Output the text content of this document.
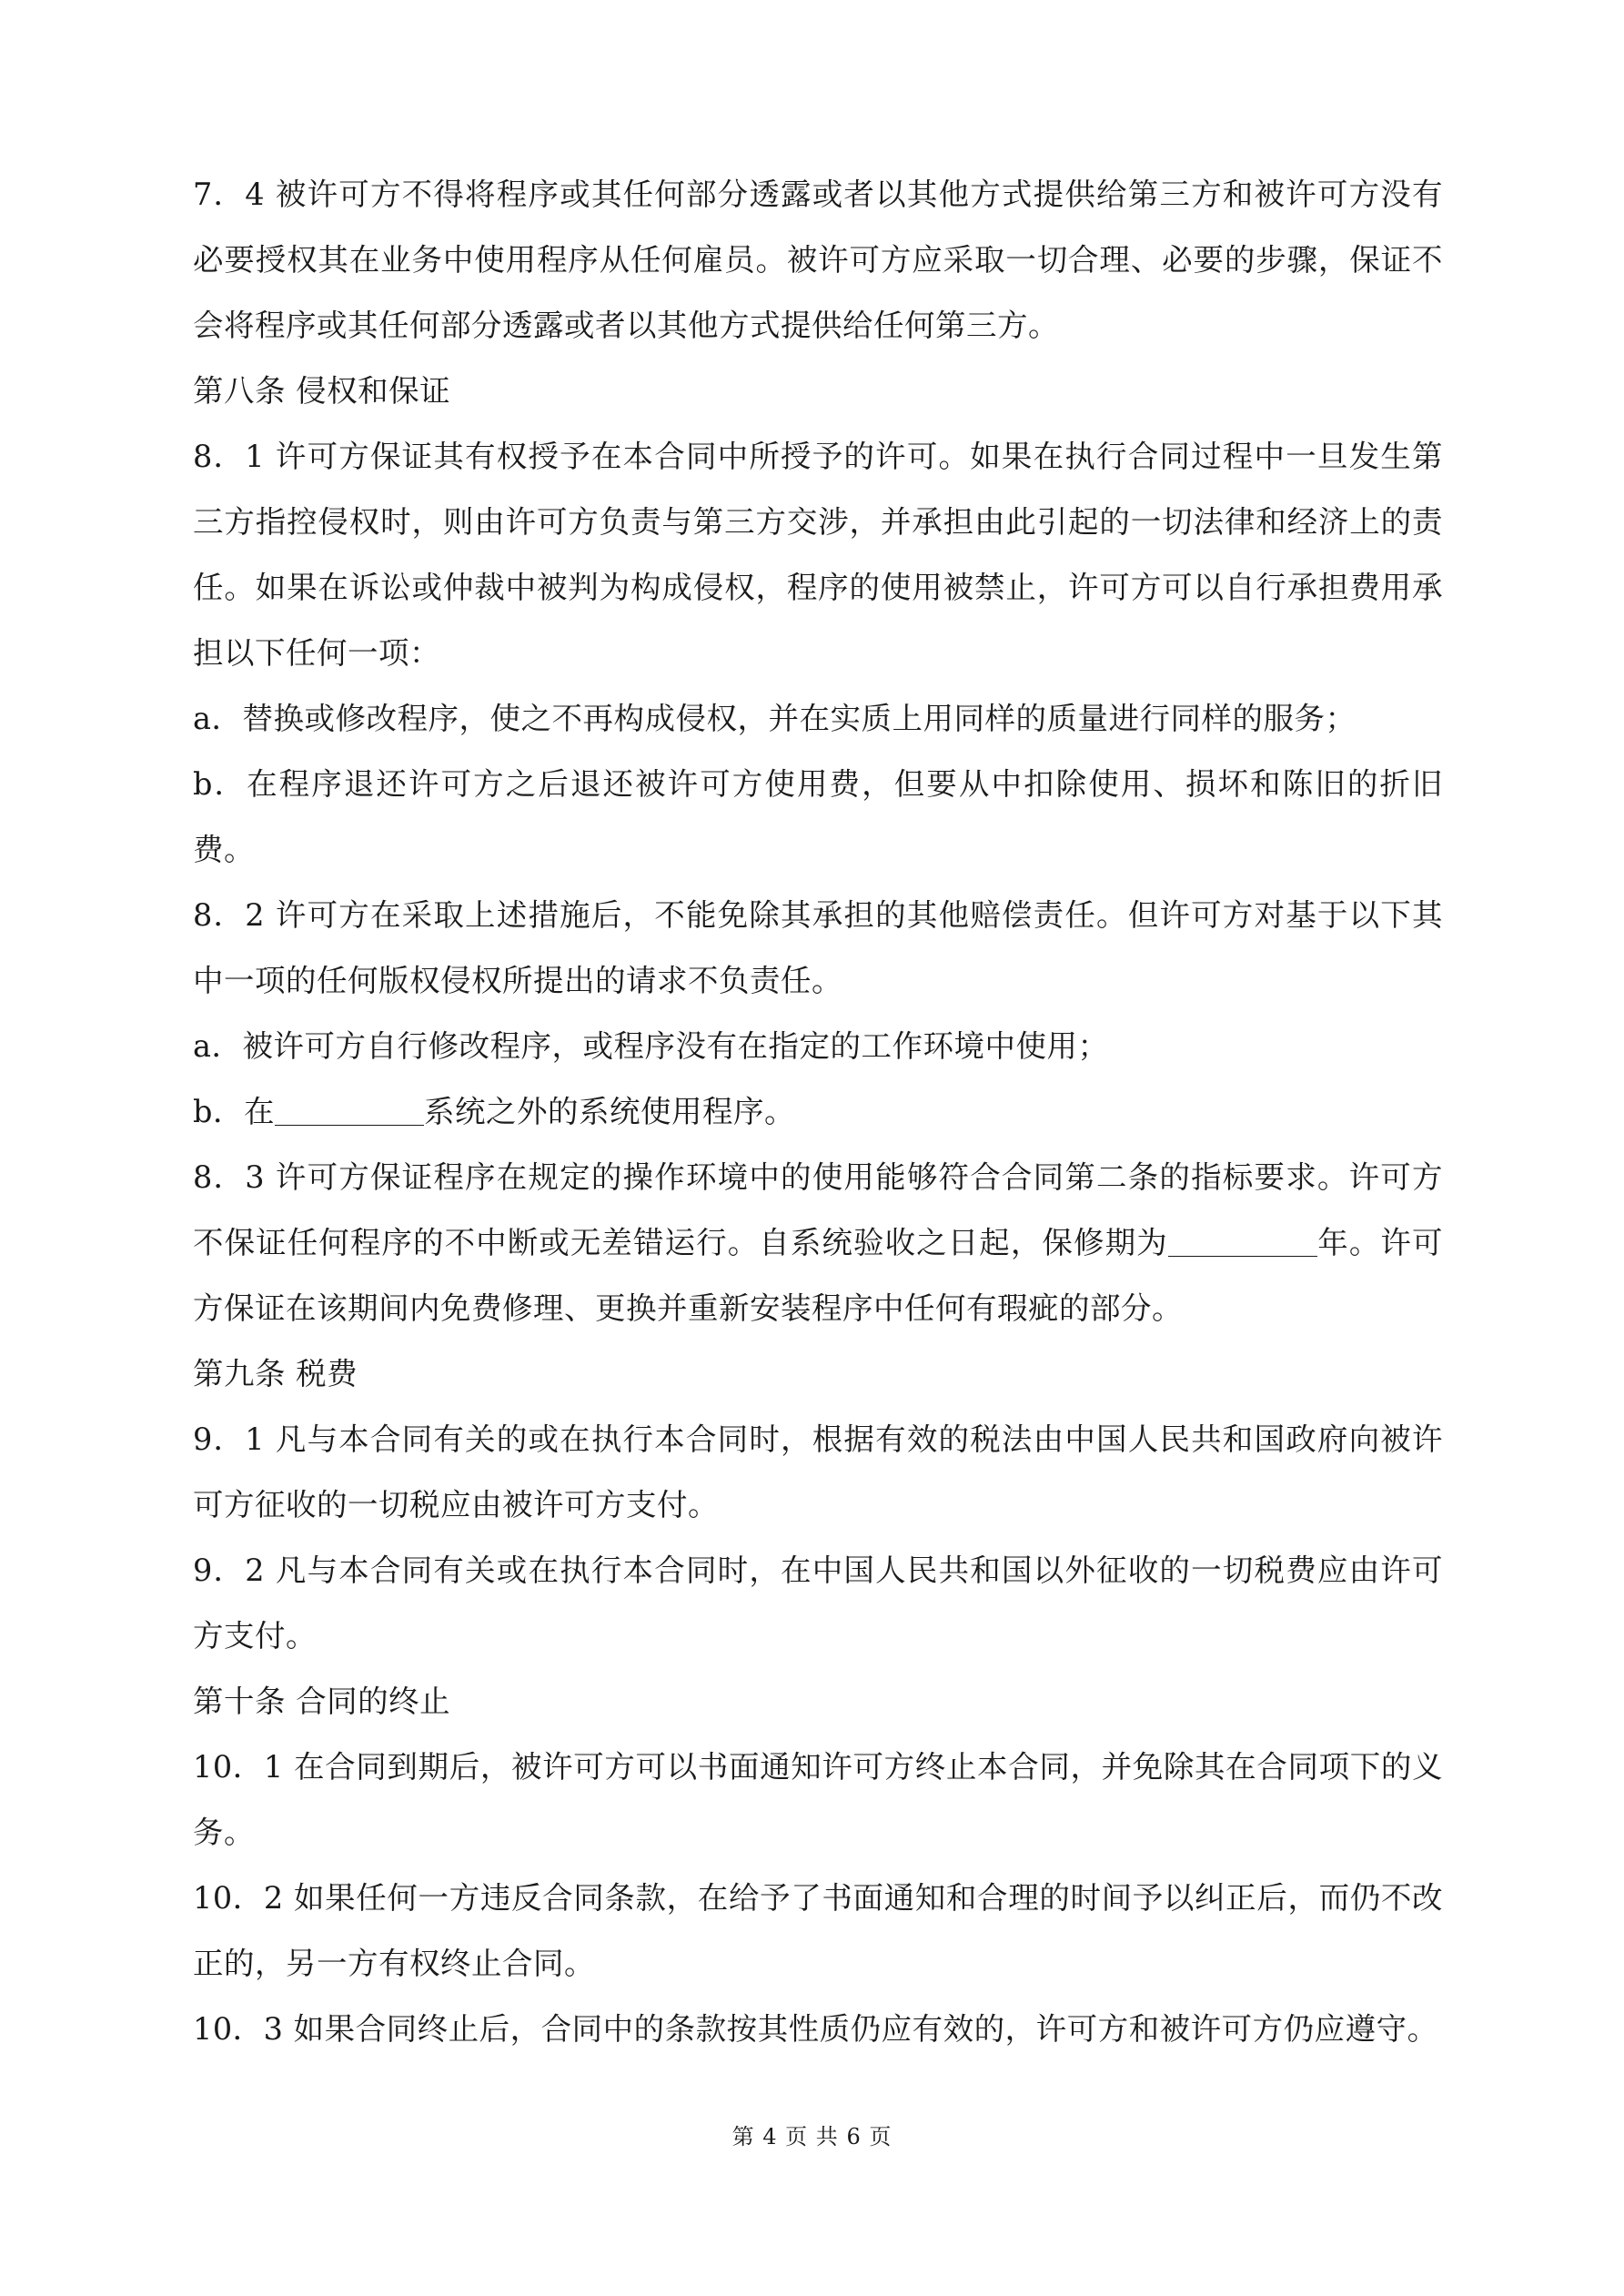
7．4 被许可方不得将程序或其任何部分透露或者以其他方式提供给第三方和被许可方没有必要授权其在业务中使用程序从任何雇员。被许可方应采取一切合理、必要的步骤，保证不会将程序或其任何部分透露或者以其他方式提供给任何第三方。

第八条 侵权和保证

8．1 许可方保证其有权授予在本合同中所授予的许可。如果在执行合同过程中一旦发生第三方指控侵权时，则由许可方负责与第三方交涉，并承担由此引起的一切法律和经济上的责任。如果在诉讼或仲裁中被判为构成侵权，程序的使用被禁止，许可方可以自行承担费用承担以下任何一项：

a．替换或修改程序，使之不再构成侵权，并在实质上用同样的质量进行同样的服务；

b．在程序退还许可方之后退还被许可方使用费，但要从中扣除使用、损坏和陈旧的折旧费。

8．2 许可方在采取上述措施后，不能免除其承担的其他赔偿责任。但许可方对基于以下其中一项的任何版权侵权所提出的请求不负责任。

a．被许可方自行修改程序，或程序没有在指定的工作环境中使用；

b．在	系统之外的系统使用程序。

8．3 许可方保证程序在规定的操作环境中的使用能够符合合同第二条的指标要求。许可方不保证任何程序的不中断或无差错运行。自系统验收之日起，保修期为	年。许可方保证在该期间内免费修理、更换并重新安装程序中任何有瑕疵的部分。

第九条 税费

9．1 凡与本合同有关的或在执行本合同时，根据有效的税法由中国人民共和国政府向被许可方征收的一切税应由被许可方支付。

9．2 凡与本合同有关或在执行本合同时，在中国人民共和国以外征收的一切税费应由许可方支付。

第十条 合同的终止

10．1 在合同到期后，被许可方可以书面通知许可方终止本合同，并免除其在合同项下的义务。

10．2 如果任何一方违反合同条款，在给予了书面通知和合理的时间予以纠正后，而仍不改正的，另一方有权终止合同。

10．3 如果合同终止后，合同中的条款按其性质仍应有效的，许可方和被许可方仍应遵守。

第 4 页 共 6 页
